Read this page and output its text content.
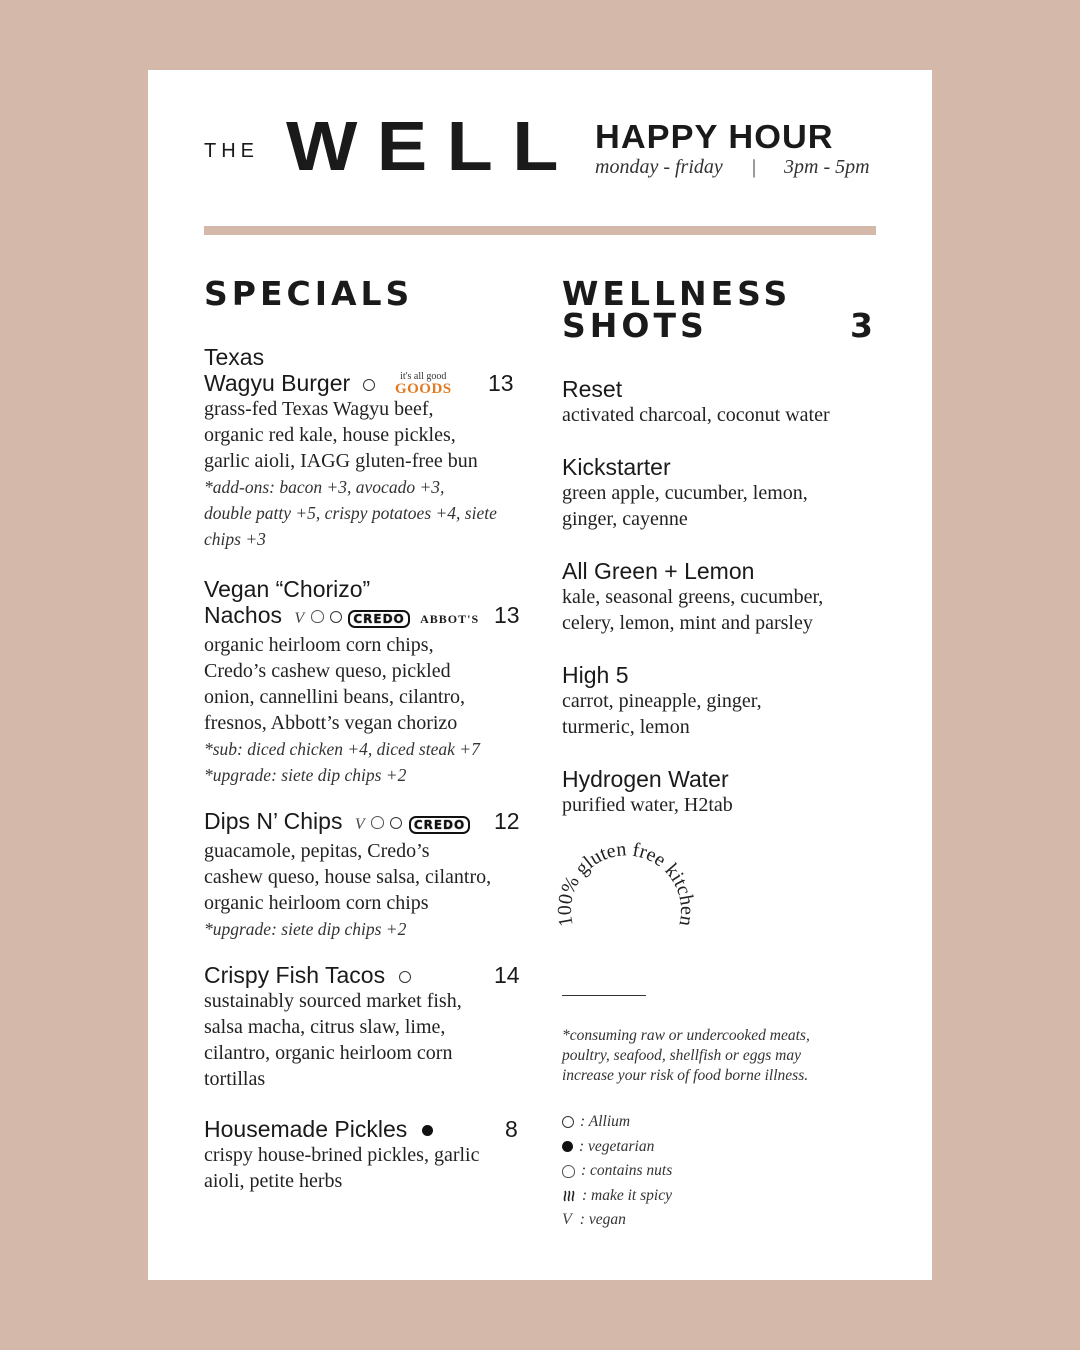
THE WELL HAPPY HOUR
monday - friday | 3pm - 5pm
SPECIALS
Texas
Wagyu Burger	it's all good
GOODS 13
grass-fed Texas Wagyu beef,
organic red kale, house pickles,
garlic aioli, IAGG gluten-free bun
*add-ons: bacon +3, avocado +3,
double patty +5, crispy potatoes +4, siete
chips +3
Vegan “Chorizo”
Nachos V	CREDO ABBOT'S 13
organic heirloom corn chips,
Credo’s cashew queso, pickled
onion, cannellini beans, cilantro,
fresnos, Abbott’s vegan chorizo
*sub: diced chicken +4, diced steak +7
*upgrade: siete dip chips +2
Dips N’ Chips V	CREDO 12
guacamole, pepitas, Credo’s
cashew queso, house salsa, cilantro,
organic heirloom corn chips
*upgrade: siete dip chips +2
Crispy Fish Tacos	14
sustainably sourced market fish,
salsa macha, citrus slaw, lime,
cilantro, organic heirloom corn
tortillas
Housemade Pickles	8
crispy house-brined pickles, garlic
aioli, petite herbs
WELLNESS
SHOTS	3
Reset
activated charcoal, coconut water
Kickstarter
green apple, cucumber, lemon,
ginger, cayenne
All Green + Lemon
kale, seasonal greens, cucumber,
celery, lemon, mint and parsley
High 5
carrot, pineapple, ginger,
turmeric, lemon
Hydrogen Water
purified water, H2tab
100% gluten free kitchen
*consuming raw or undercooked meats,
poultry, seafood, shellfish or eggs may
increase your risk of food borne illness.
: Allium
: vegetarian
: contains nuts
: make it spicy
V : vegan
